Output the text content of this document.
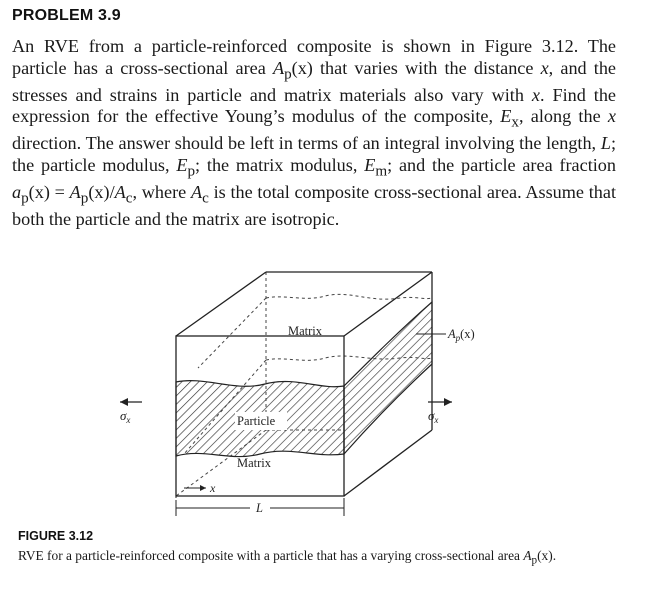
PROBLEM 3.9

An RVE from a particle-reinforced composite is shown in Figure 3.12. The particle has a cross-sectional area $A_p(x)$ that varies with the distance x, and the stresses and strains in particle and matrix materials also vary with x. Find the expression for the effective Young’s modulus of the composite, $E_x$, along the x direction. The answer should be left in terms of an integral involving the length, L; the particle modulus, $E_p$; the matrix modulus, $E_m$; and the particle area fraction $a_p(x) = A_p(x)/A_c$, where $A_c$ is the total composite cross-sectional area. Assume that both the particle and the matrix are isotropic.

Matrix
Particle
Matrix
$A_p(x)$
$\sigma_x$	$\sigma_x$
x
L

FIGURE 3.12

RVE for a particle-reinforced composite with a particle that has a varying cross-sectional area $A_p(x)$.
